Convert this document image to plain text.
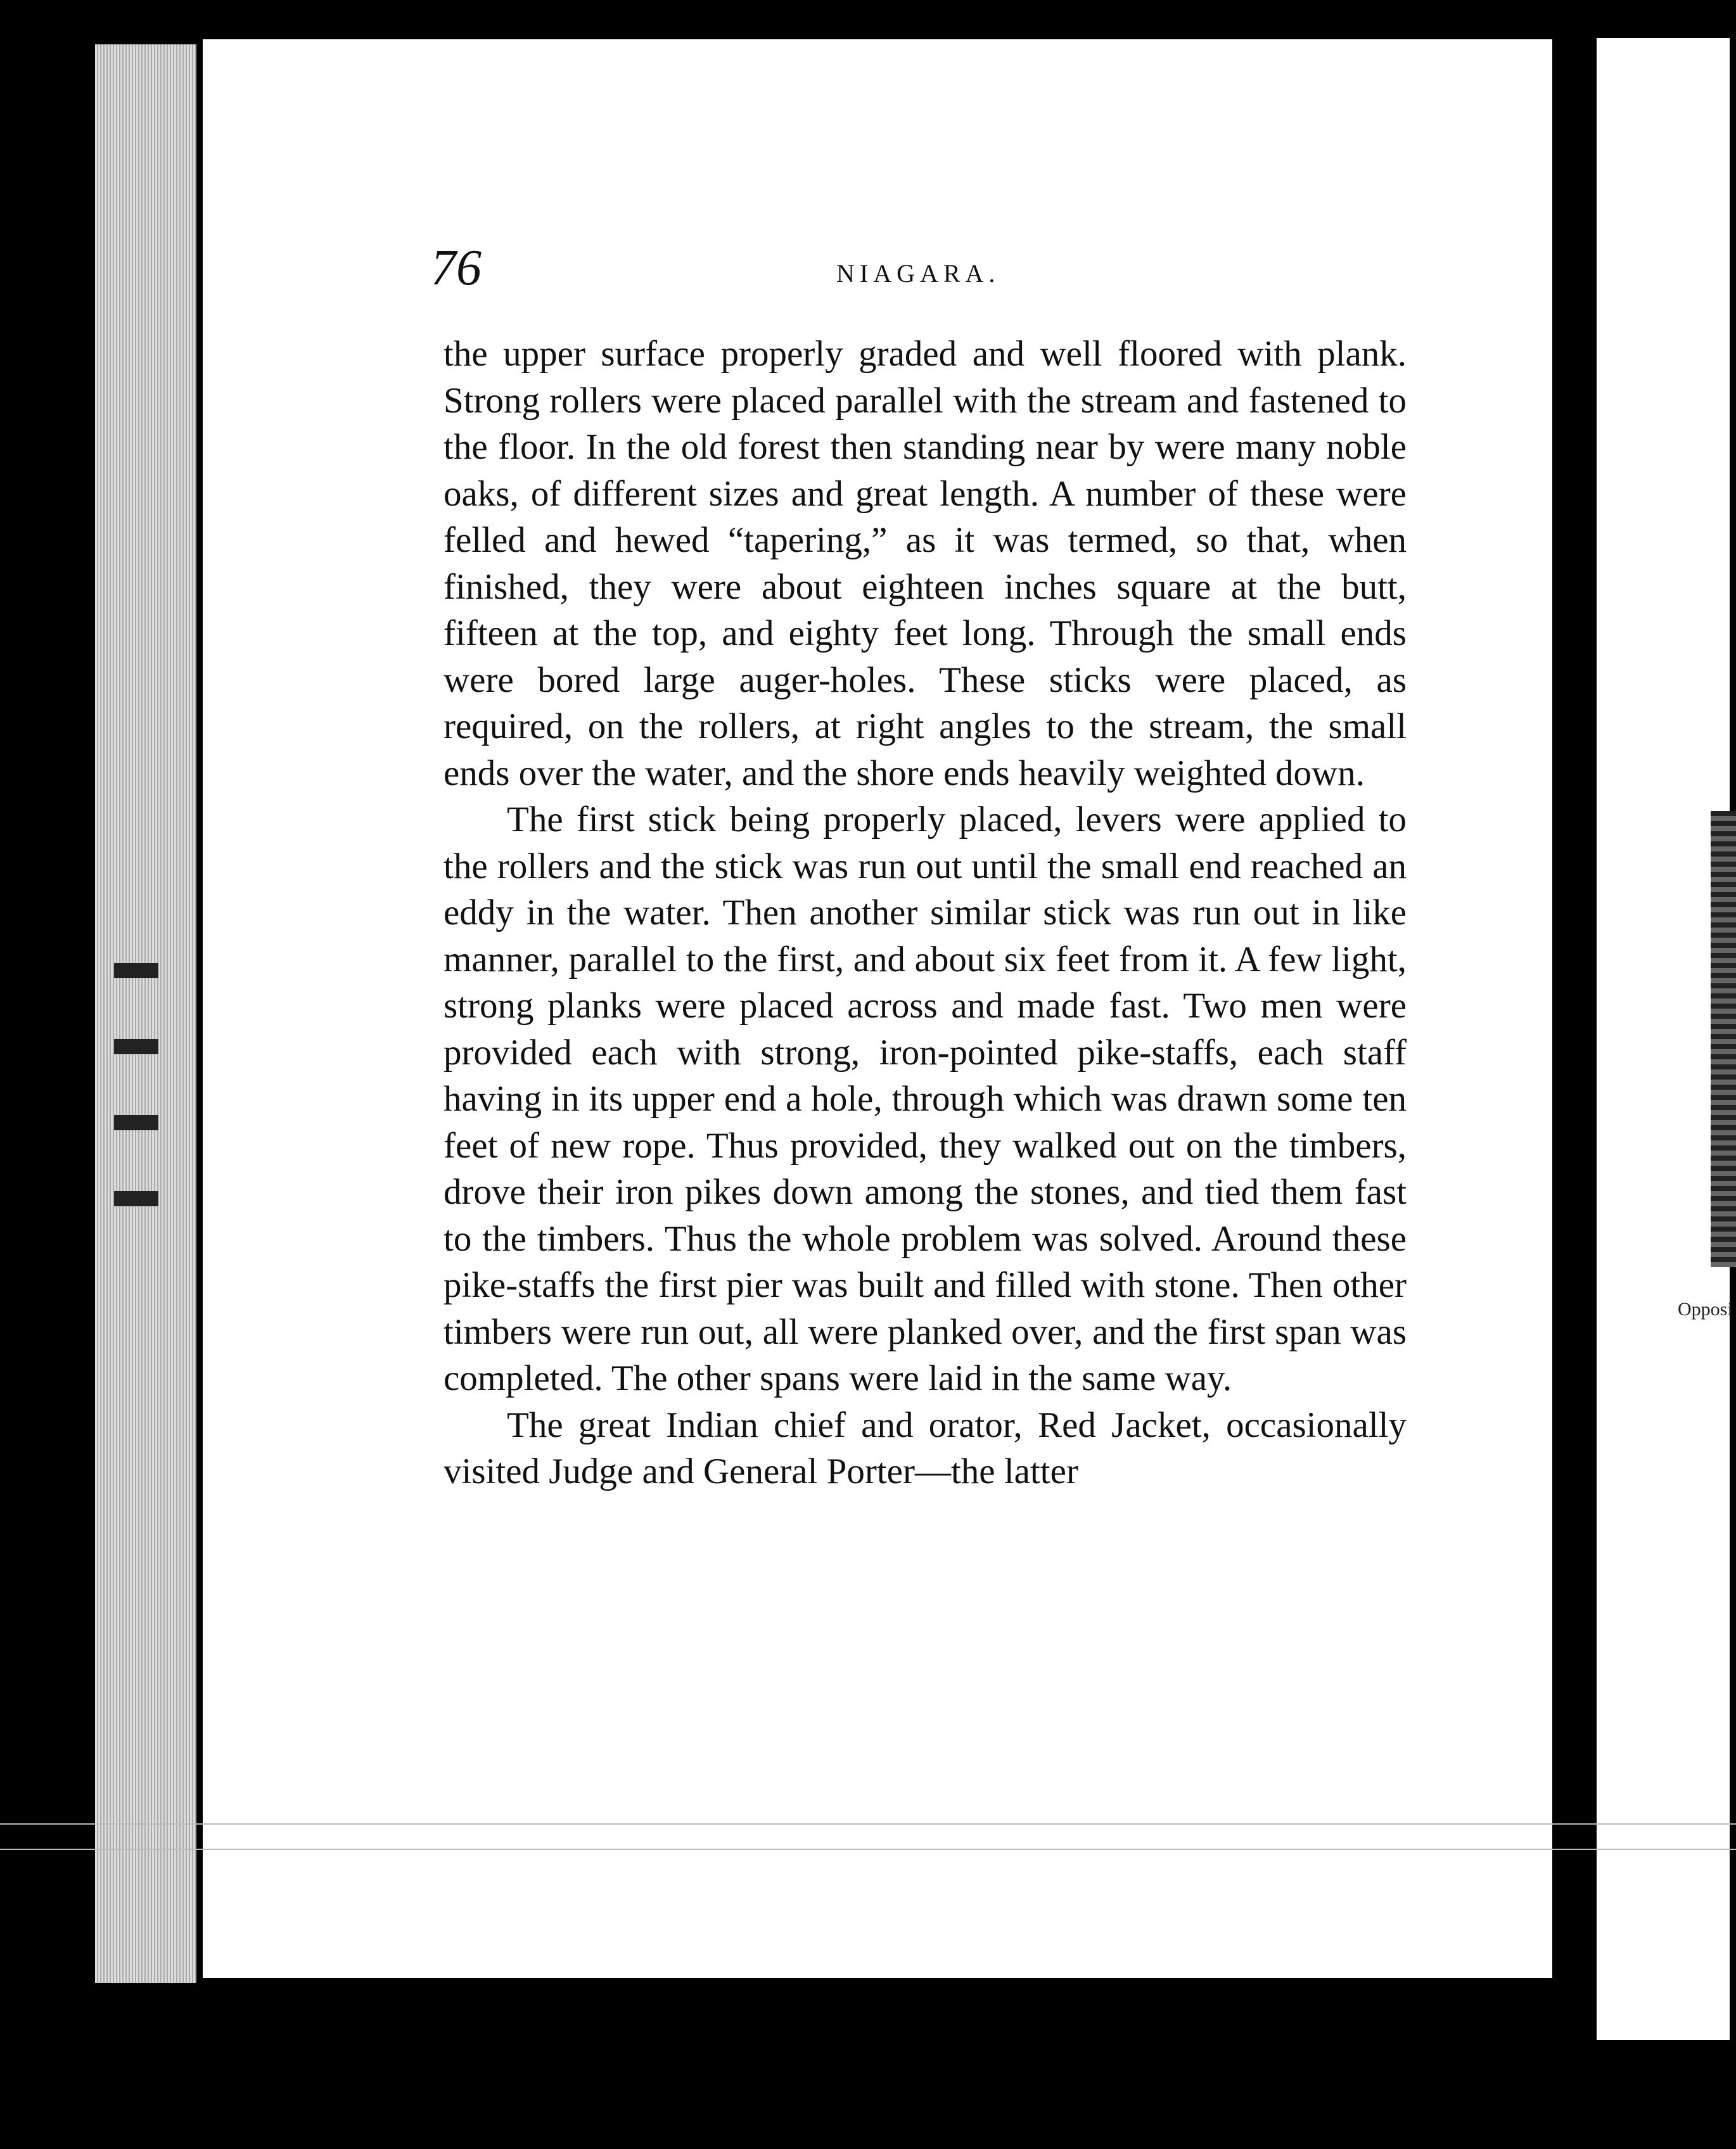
76	NIAGARA.

the upper surface properly graded and well floored with plank. Strong rollers were placed parallel with the stream and fastened to the floor. In the old forest then standing near by were many noble oaks, of different sizes and great length. A number of these were felled and hewed “tapering,” as it was termed, so that, when finished, they were about eighteen inches square at the butt, fifteen at the top, and eighty feet long. Through the small ends were bored large auger-holes. These sticks were placed, as required, on the rollers, at right angles to the stream, the small ends over the water, and the shore ends heavily weighted down.

The first stick being properly placed, levers were applied to the rollers and the stick was run out until the small end reached an eddy in the water. Then another similar stick was run out in like manner, parallel to the first, and about six feet from it. A few light, strong planks were placed across and made fast. Two men were provided each with strong, iron-pointed pike-staffs, each staff having in its upper end a hole, through which was drawn some ten feet of new rope. Thus provided, they walked out on the timbers, drove their iron pikes down among the stones, and tied them fast to the timbers. Thus the whole problem was solved. Around these pike-staffs the first pier was built and filled with stone. Then other timbers were run out, all were planked over, and the first span was completed. The other spans were laid in the same way.

The great Indian chief and orator, Red Jacket, occasionally visited Judge and General Porter—the latter

Opposi
